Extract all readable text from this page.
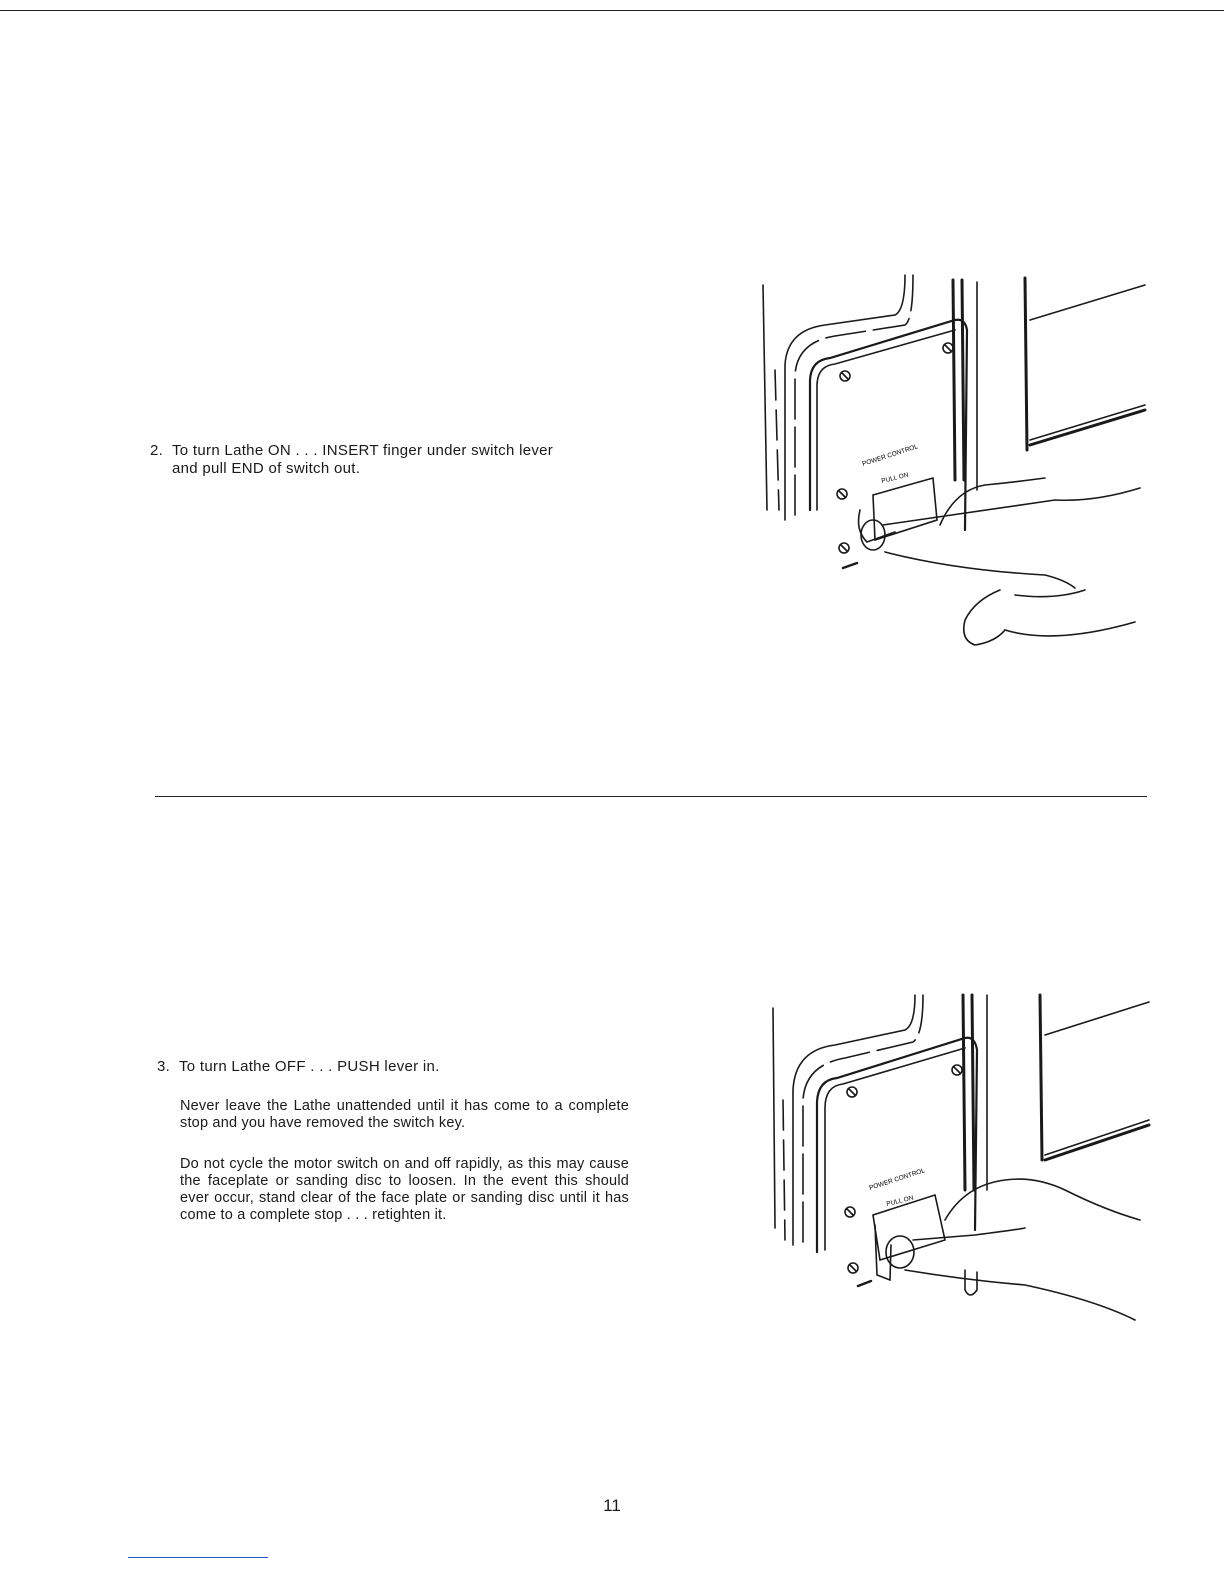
2. To turn Lathe ON . . . INSERT finger under switch lever
and pull END of switch out.
POWER CONTROL
PULL ON
3. To turn Lathe OFF . . . PUSH lever in.
Never leave the Lathe unattended until it has come to a complete stop and you have removed the switch key.
Do not cycle the motor switch on and off rapidly, as this may cause the faceplate or sanding disc to loosen. In the event this should ever occur, stand clear of the face plate or sanding disc until it has come to a complete stop . . . retighten it.
POWER CONTROL
PULL ON
11
